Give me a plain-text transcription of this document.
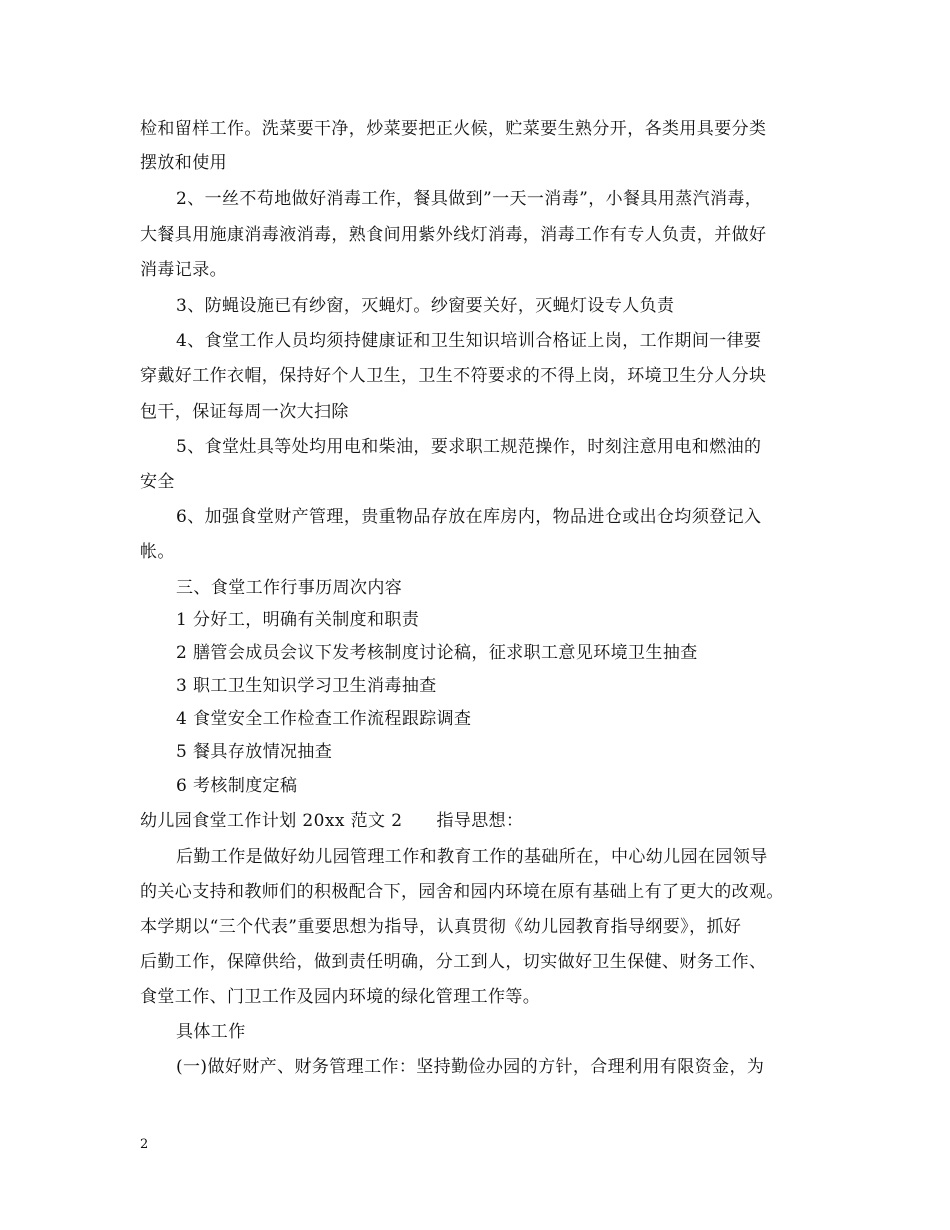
检和留样工作。洗菜要干净，炒菜要把正火候，贮菜要生熟分开，各类用具要分类
摆放和使用
2、一丝不苟地做好消毒工作，餐具做到”一天一消毒”，小餐具用蒸汽消毒，
大餐具用施康消毒液消毒，熟食间用紫外线灯消毒，消毒工作有专人负责，并做好
消毒记录。
3、防蝇设施已有纱窗，灭蝇灯。纱窗要关好，灭蝇灯设专人负责
4、食堂工作人员均须持健康证和卫生知识培训合格证上岗，工作期间一律要
穿戴好工作衣帽，保持好个人卫生，卫生不符要求的不得上岗，环境卫生分人分块
包干，保证每周一次大扫除
5、食堂灶具等处均用电和柴油，要求职工规范操作，时刻注意用电和燃油的
安全
6、加强食堂财产管理，贵重物品存放在库房内，物品进仓或出仓均须登记入
帐。
三、食堂工作行事历周次内容
1 分好工，明确有关制度和职责
2 膳管会成员会议下发考核制度讨论稿，征求职工意见环境卫生抽查
3 职工卫生知识学习卫生消毒抽查
4 食堂安全工作检查工作流程跟踪调查
5 餐具存放情况抽查
6 考核制度定稿
幼儿园食堂工作计划 20xx 范文 2 指导思想：
后勤工作是做好幼儿园管理工作和教育工作的基础所在，中心幼儿园在园领导
的关心支持和教师们的积极配合下，园舍和园内环境在原有基础上有了更大的改观。
本学期以“三个代表”重要思想为指导，认真贯彻《幼儿园教育指导纲要》，抓好
后勤工作，保障供给，做到责任明确，分工到人，切实做好卫生保健、财务工作、
食堂工作、门卫工作及园内环境的绿化管理工作等。
具体工作
(一)做好财产、财务管理工作：坚持勤俭办园的方针，合理利用有限资金，为
2
